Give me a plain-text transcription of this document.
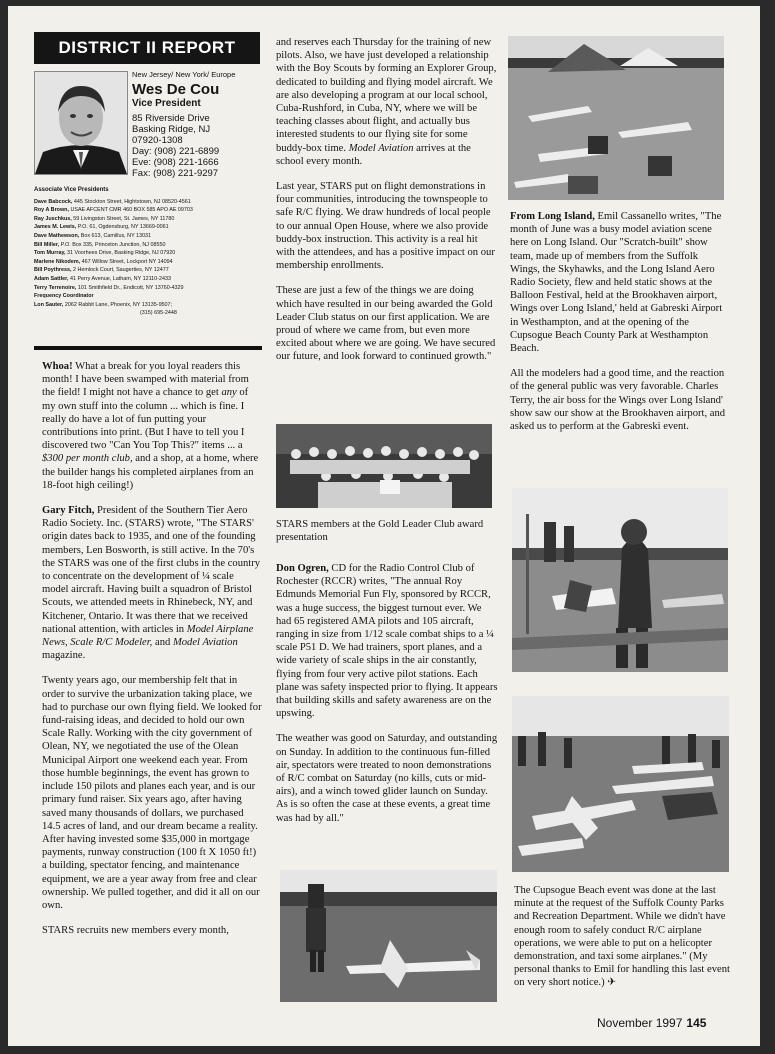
DISTRICT II REPORT
New Jersey/ New York/ Europe
Wes De Cou
Vice President
85 Riverside Drive
Basking Ridge, NJ
07920-1308
Day: (908) 221-6899
Eve: (908) 221-1666
Fax: (908) 221-9297
Associate Vice Presidents
Dave Babcock, 445 Stockton Street, Hightstown, NJ 08520-4561
Roy A Brown, USAE AFCENT CMR 460 BOX 585 APO AE 09703
Ray Juschkus, 59 Livingston Street, St. James, NY 11780
James M. Lewis, P.O. 61, Ogdensburg, NY 13669-0061
Dave Mathewson, Box 613, Camillus, NY 13031
Bill Miller, P.O. Box 335, Princeton Junction, NJ 08550
Tom Murray, 31 Voorhees Drive, Basking Ridge, NJ 07920
Marlene Nikodem, 467 Willow Street, Lockport NY 14094
Bill Poythress, 2 Hemlock Court, Saugerties, NY 12477
Adam Sattler, 41 Perry Avenue, Latham, NY 12110-2433
Terry Terrenoire, 101 Smithfield Dr., Endicott, NY 13760-4329
Frequency Coordinator
Lon Sauter, 2062 Rabbit Lane, Phoenix, NY 13135-9507;
(315) 695-2448

Whoa! What a break for you loyal readers this month! I have been swamped with material from the field! I might not have a chance to get any of my own stuff into the column ... which is fine. I really do have a lot of fun putting your contributions into print. (But I have to tell you I discovered two "Can You Top This?" items ... a $300 per month club, and a shop, at a home, where the builder hangs his completed airplanes from an 18-foot high ceiling!)

Gary Fitch, President of the Southern Tier Aero Radio Society. Inc. (STARS) wrote, "The STARS' origin dates back to 1935, and one of the founding members, Len Bosworth, is still active. In the 70's the STARS was one of the first clubs in the country to concentrate on the development of ¼ scale model aircraft. Having built a squadron of Bristol Scouts, we attended meets in Rhinebeck, NY, and Kitchener, Ontario. It was there that we received national attention, with articles in Model Airplane News, Scale R/C Modeler, and Model Aviation magazine.

Twenty years ago, our membership felt that in order to survive the urbanization taking place, we had to purchase our own flying field. We looked for fund-raising ideas, and decided to hold our own Scale Rally. Working with the city government of Olean, NY, we negotiated the use of the Olean Municipal Airport one weekend each year. From those humble beginnings, the event has grown to include 150 pilots and planes each year, and is our primary fund raiser. Six years ago, after having saved many thousands of dollars, we purchased 14.5 acres of land, and our dream became a reality. After having invested some $35,000 in mortgage payments, runway construction (100 ft X 1050 ft!) a building, spectator fencing, and maintenance equipment, we are a year away from free and clear ownership. We pulled together, and did it all on our own.

STARS recruits new members every month,

and reserves each Thursday for the training of new pilots. Also, we have just developed a relationship with the Boy Scouts by forming an Explorer Group, dedicated to building and flying model aircraft. We are also developing a program at our local school, Cuba-Rushford, in Cuba, NY, where we will be teaching classes about flight, and actually bus interested students to our flying site for some buddy-box time. Model Aviation arrives at the school every month.

Last year, STARS put on flight demonstrations in four communities, introducing the townspeople to safe R/C flying. We draw hundreds of local people to our annual Open House, where we also provide buddy-box instruction. This activity is a real hit with the attendees, and has a positive impact on our membership enrollments.

These are just a few of the things we are doing which have resulted in our being awarded the Gold Leader Club status on our first application. We are proud of where we came from, but even more excited about where we are going. We have secured our future, and look forward to continued growth."

STARS members at the Gold Leader Club award presentation

Don Ogren, CD for the Radio Control Club of Rochester (RCCR) writes, "The annual Roy Edmunds Memorial Fun Fly, sponsored by RCCR, was a huge success, the biggest turnout ever. We had 65 registered AMA pilots and 105 aircraft, ranging in size from 1/12 scale combat ships to a ¼ scale P51 D. We had trainers, sport planes, and a wide variety of scale ships in the air constantly, flying from four very active pilot stations. Each plane was safety inspected prior to flying. It appears that building skills and safety awareness are on the upswing.

The weather was good on Saturday, and outstanding on Sunday. In addition to the continuous fun-filled air, spectators were treated to noon demonstrations of R/C combat on Saturday (no kills, cuts or mid-airs), and a winch towed glider launch on Sunday. As is so often the case at these events, a great time was had by all."

From Long Island, Emil Cassanello writes, "The month of June was a busy model aviation scene here on Long Island. Our "Scratch-built" show team, made up of members from the Suffolk Wings, the Skyhawks, and the Long Island Aero Radio Society, flew and held static shows at the Balloon Festival, held at the Brookhaven airport, Wings over Long Island,' held at Gabreski Airport in Westhampton, and at the opening of the Cupsogue Beach County Park at Westhampton Beach.

All the modelers had a good time, and the reaction of the general public was very favorable. Charles Terry, the air boss for the Wings over Long Island' show saw our show at the Brookhaven airport, and asked us to perform at the Gabreski event.

The Cupsogue Beach event was done at the last minute at the request of the Suffolk County Parks and Recreation Department. While we didn't have enough room to safely conduct R/C airplane operations, we were able to put on a helicopter demonstration, and taxi some airplanes." (My personal thanks to Emil for handling this last event on very short notice.) ✈

November 1997 145
